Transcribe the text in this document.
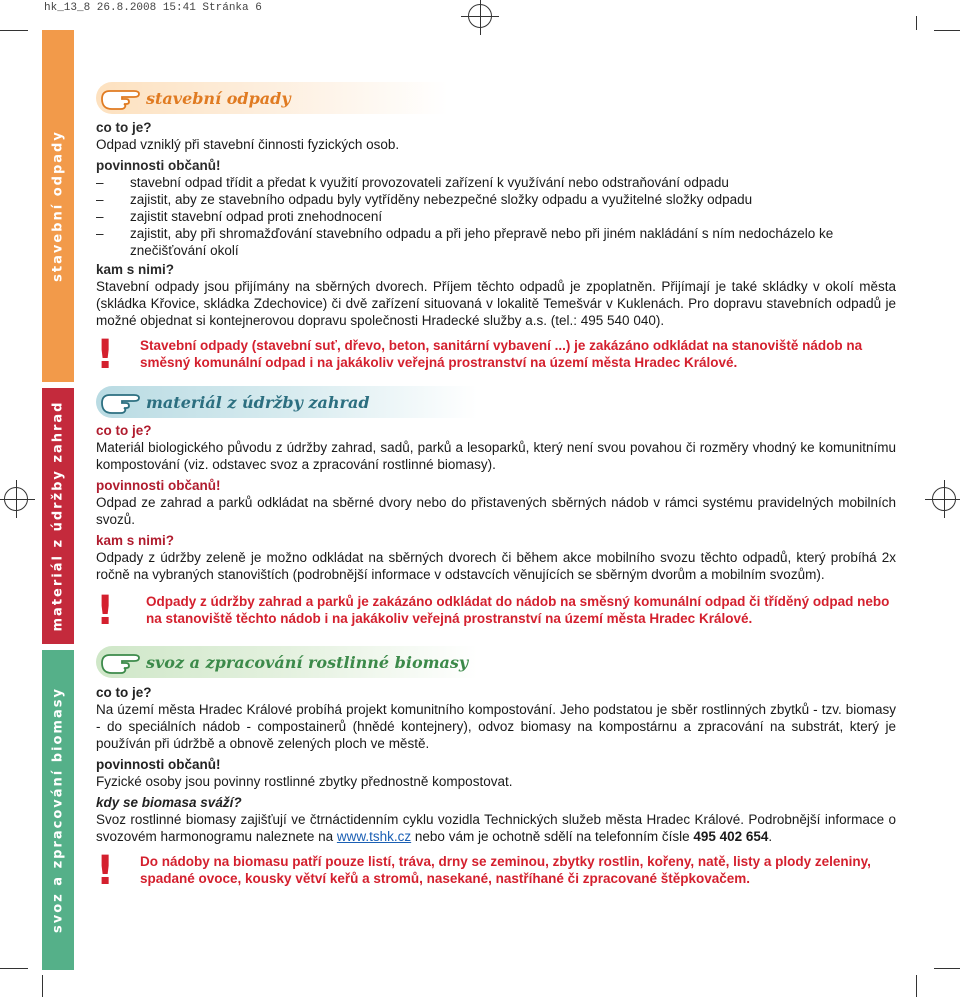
hk_13_8 26.8.2008 15:41 Stránka 6
stavební odpady
materiál z údržby zahrad
svoz a zpracování biomasy
stavební odpady

co to je?

Odpad vzniklý při stavební činnosti fyzických osob.

povinnosti občanů!

– stavební odpad třídit a předat k využití provozovateli zařízení k využívání nebo odstraňování odpadu
– zajistit, aby ze stavebního odpadu byly vytříděny nebezpečné složky odpadu a využitelné složky odpadu
– zajistit stavební odpad proti znehodnocení
– zajistit, aby při shromažďování stavebního odpadu a při jeho přepravě nebo při jiném nakládání s ním nedocházelo ke znečišťování okolí

kam s nimi?

Stavební odpady jsou přijímány na sběrných dvorech. Příjem těchto odpadů je zpoplatněn. Přijímají je také skládky v okolí města (skládka Křovice, skládka Zdechovice) či dvě zařízení situovaná v lokalitě Temešvár v Kuklenách. Pro dopravu stavebních odpadů je možné objednat si kontejnerovou dopravu společnosti Hradecké služby a.s. (tel.: 495 540 040).

! Stavební odpady (stavební suť, dřevo, beton, sanitární vybavení ...) je zakázáno odkládat na stanoviště nádob na směsný komunální odpad i na jakákoliv veřejná prostranství na území města Hradec Králové.
materiál z údržby zahrad

co to je?

Materiál biologického původu z údržby zahrad, sadů, parků a lesoparků, který není svou povahou či rozměry vhodný ke komunitnímu kompostování (viz. odstavec svoz a zpracování rostlinné biomasy).

povinnosti občanů!

Odpad ze zahrad a parků odkládat na sběrné dvory nebo do přistavených sběrných nádob v rámci systému pravidelných mobilních svozů.

kam s nimi?

Odpady z údržby zeleně je možno odkládat na sběrných dvorech či během akce mobilního svozu těchto odpadů, který probíhá 2x ročně na vybraných stanovištích (podrobnější informace v odstavcích věnujících se sběrným dvorům a mobilním svozům).

! Odpady z údržby zahrad a parků je zakázáno odkládat do nádob na směsný komunální odpad či tříděný odpad nebo na stanoviště těchto nádob i na jakákoliv veřejná prostranství na území města Hradec Králové.
svoz a zpracování rostlinné biomasy

co to je?

Na území města Hradec Králové probíhá projekt komunitního kompostování. Jeho podstatou je sběr rostlinných zbytků - tzv. biomasy - do speciálních nádob - compostainerů (hnědé kontejnery), odvoz biomasy na kompostárnu a zpracování na substrát, který je používán při údržbě a obnově zelených ploch ve městě.

povinnosti občanů!

Fyzické osoby jsou povinny rostlinné zbytky přednostně kompostovat.

kdy se biomasa sváží?

Svoz rostlinné biomasy zajišťují ve čtrnáctidenním cyklu vozidla Technických služeb města Hradec Králové. Podrobnější informace o svozovém harmonogramu naleznete na www.tshk.cz nebo vám je ochotně sdělí na telefonním čísle 495 402 654.

! Do nádoby na biomasu patří pouze listí, tráva, drny se zeminou, zbytky rostlin, kořeny, natě, listy a plody zeleniny, spadané ovoce, kousky větví keřů a stromů, nasekané, nastříhané či zpracované štěpkovačem.
